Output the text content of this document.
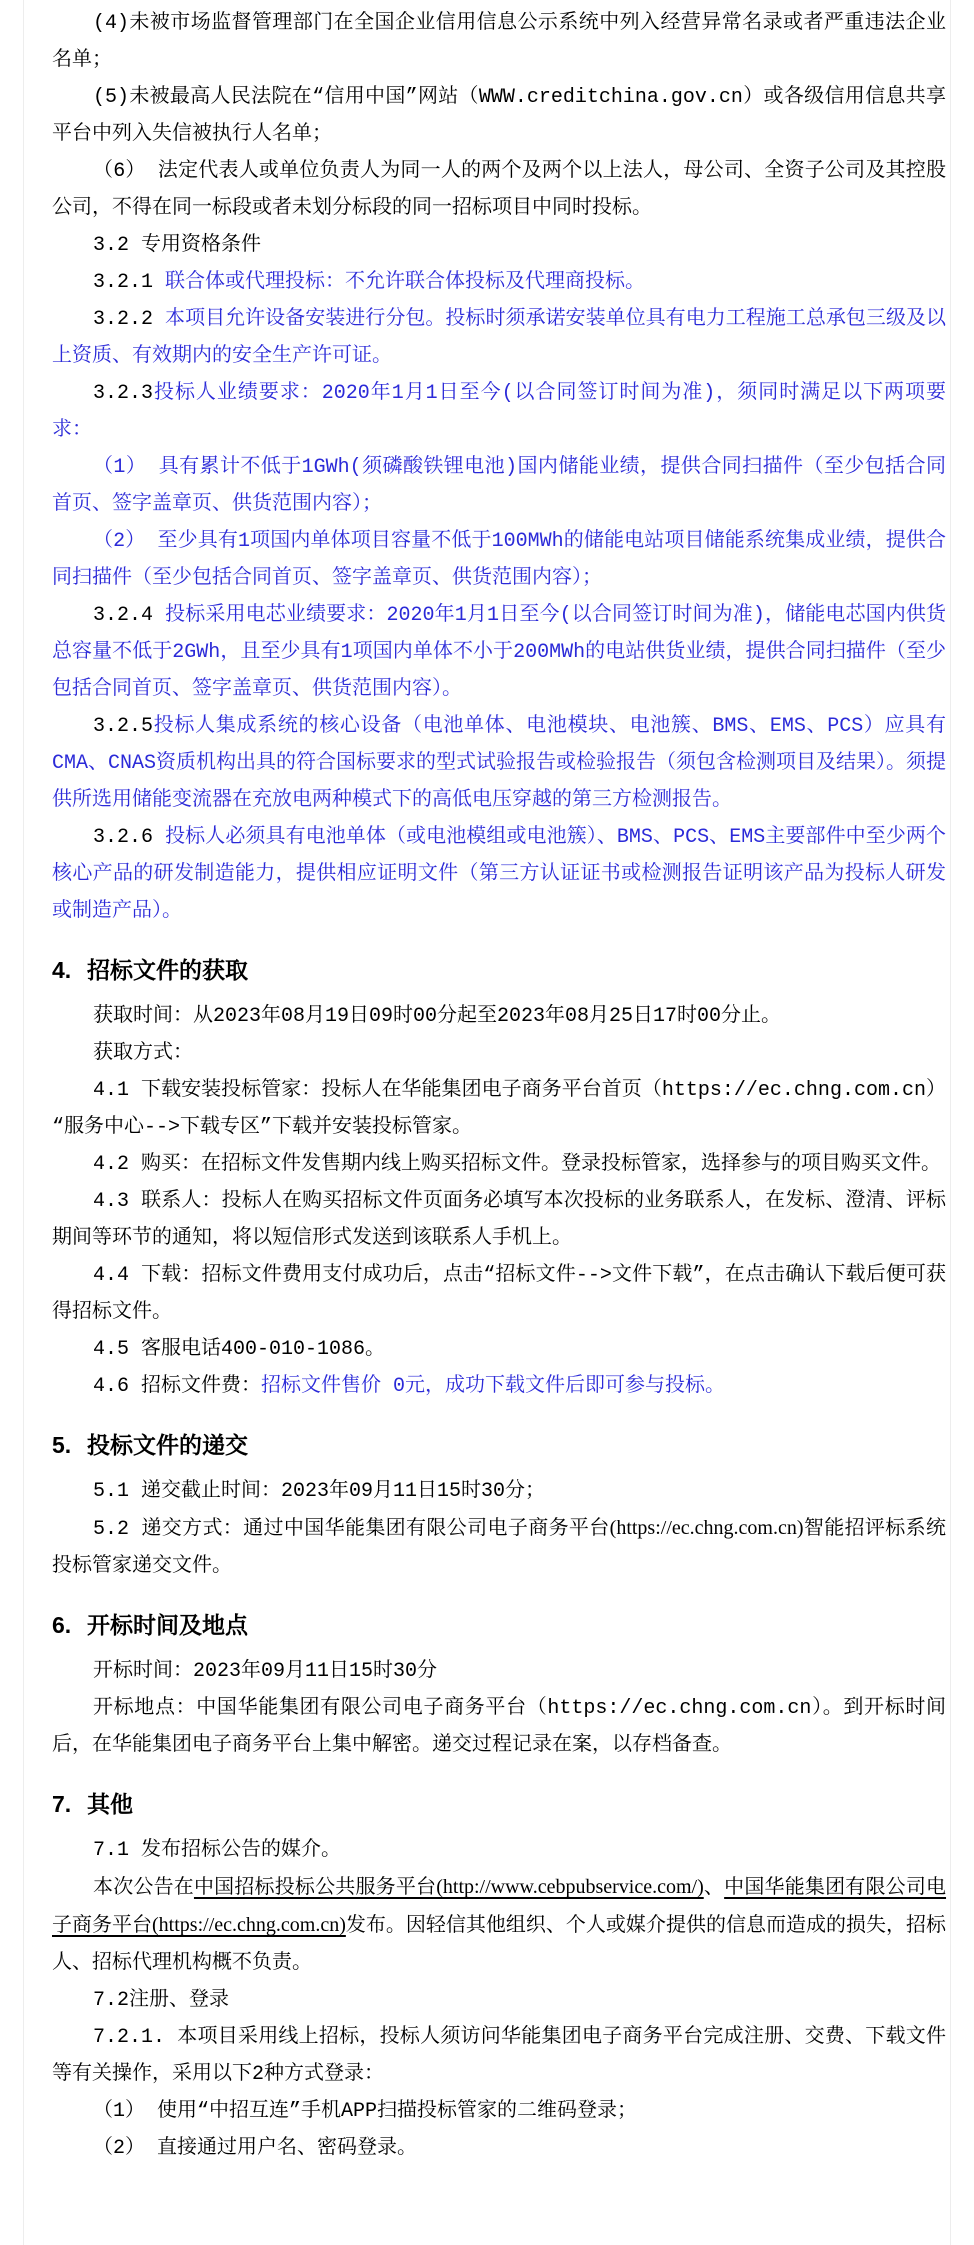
(4)未被市场监督管理部门在全国企业信用信息公示系统中列入经营异常名录或者严重违法企业名单；

(5)未被最高人民法院在“信用中国”网站（WWW.creditchina.gov.cn）或各级信用信息共享平台中列入失信被执行人名单；

（6） 法定代表人或单位负责人为同一人的两个及两个以上法人，母公司、全资子公司及其控股公司，不得在同一标段或者未划分标段的同一招标项目中同时投标。

3.2 专用资格条件

3.2.1 联合体或代理投标：不允许联合体投标及代理商投标。

3.2.2 本项目允许设备安装进行分包。投标时须承诺安装单位具有电力工程施工总承包三级及以上资质、有效期内的安全生产许可证。

3.2.3投标人业绩要求：2020年1月1日至今(以合同签订时间为准)，须同时满足以下两项要求：

（1） 具有累计不低于1GWh(须磷酸铁锂电池)国内储能业绩，提供合同扫描件（至少包括合同首页、签字盖章页、供货范围内容）；

（2） 至少具有1项国内单体项目容量不低于100MWh的储能电站项目储能系统集成业绩，提供合同扫描件（至少包括合同首页、签字盖章页、供货范围内容）；

3.2.4 投标采用电芯业绩要求：2020年1月1日至今(以合同签订时间为准)，储能电芯国内供货总容量不低于2GWh，且至少具有1项国内单体不小于200MWh的电站供货业绩，提供合同扫描件（至少包括合同首页、签字盖章页、供货范围内容）。

3.2.5投标人集成系统的核心设备（电池单体、电池模块、电池簇、BMS、EMS、PCS）应具有CMA、CNAS资质机构出具的符合国标要求的型式试验报告或检验报告（须包含检测项目及结果）。须提供所选用储能变流器在充放电两种模式下的高低电压穿越的第三方检测报告。

3.2.6 投标人必须具有电池单体（或电池模组或电池簇）、BMS、PCS、EMS主要部件中至少两个核心产品的研发制造能力，提供相应证明文件（第三方认证证书或检测报告证明该产品为投标人研发或制造产品）。

4. 招标文件的获取

获取时间：从2023年08月19日09时00分起至2023年08月25日17时00分止。

获取方式：

4.1 下载安装投标管家：投标人在华能集团电子商务平台首页（https://ec.chng.com.cn）“服务中心-->下载专区”下载并安装投标管家。

4.2 购买：在招标文件发售期内线上购买招标文件。登录投标管家，选择参与的项目购买文件。

4.3 联系人：投标人在购买招标文件页面务必填写本次投标的业务联系人，在发标、澄清、评标期间等环节的通知，将以短信形式发送到该联系人手机上。

4.4 下载：招标文件费用支付成功后，点击“招标文件-->文件下载”，在点击确认下载后便可获得招标文件。

4.5 客服电话400-010-1086。

4.6 招标文件费：招标文件售价 0元，成功下载文件后即可参与投标。

5. 投标文件的递交

5.1 递交截止时间：2023年09月11日15时30分；

5.2 递交方式：通过中国华能集团有限公司电子商务平台(https://ec.chng.com.cn)智能招评标系统投标管家递交文件。

6. 开标时间及地点

开标时间：2023年09月11日15时30分

开标地点：中国华能集团有限公司电子商务平台（https://ec.chng.com.cn）。到开标时间后，在华能集团电子商务平台上集中解密。递交过程记录在案，以存档备查。

7. 其他

7.1 发布招标公告的媒介。

本次公告在中国招标投标公共服务平台(http://www.cebpubservice.com/)、中国华能集团有限公司电子商务平台(https://ec.chng.com.cn)发布。因轻信其他组织、个人或媒介提供的信息而造成的损失，招标人、招标代理机构概不负责。

7.2注册、登录

7.2.1. 本项目采用线上招标，投标人须访问华能集团电子商务平台完成注册、交费、下载文件等有关操作，采用以下2种方式登录：

（1） 使用“中招互连”手机APP扫描投标管家的二维码登录；

（2） 直接通过用户名、密码登录。
